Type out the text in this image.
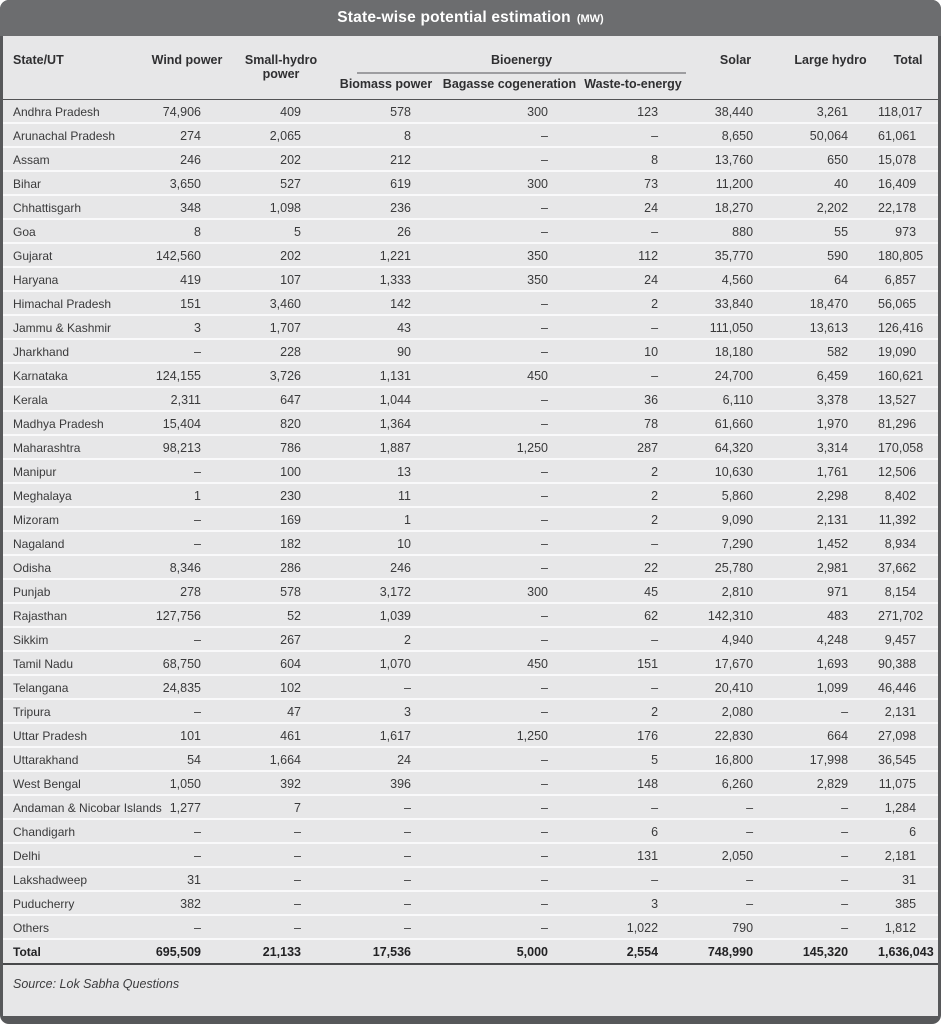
State-wise potential estimation (MW)
State/UT	Wind power	Small-hydro power	Bioenergy			Solar	Large hydro	Total
			Biomass power	Bagasse cogeneration	Waste-to-energy			
Andhra Pradesh	74,906	409	578	300	123	38,440	3,261	118,017
Arunachal Pradesh	274	2,065	8	–	–	8,650	50,064	61,061
Assam	246	202	212	–	8	13,760	650	15,078
Bihar	3,650	527	619	300	73	11,200	40	16,409
Chhattisgarh	348	1,098	236	–	24	18,270	2,202	22,178
Goa	8	5	26	–	–	880	55	973
Gujarat	142,560	202	1,221	350	112	35,770	590	180,805
Haryana	419	107	1,333	350	24	4,560	64	6,857
Himachal Pradesh	151	3,460	142	–	2	33,840	18,470	56,065
Jammu & Kashmir	3	1,707	43	–	–	111,050	13,613	126,416
Jharkhand	–	228	90	–	10	18,180	582	19,090
Karnataka	124,155	3,726	1,131	450	–	24,700	6,459	160,621
Kerala	2,311	647	1,044	–	36	6,110	3,378	13,527
Madhya Pradesh	15,404	820	1,364	–	78	61,660	1,970	81,296
Maharashtra	98,213	786	1,887	1,250	287	64,320	3,314	170,058
Manipur	–	100	13	–	2	10,630	1,761	12,506
Meghalaya	1	230	11	–	2	5,860	2,298	8,402
Mizoram	–	169	1	–	2	9,090	2,131	11,392
Nagaland	–	182	10	–	–	7,290	1,452	8,934
Odisha	8,346	286	246	–	22	25,780	2,981	37,662
Punjab	278	578	3,172	300	45	2,810	971	8,154
Rajasthan	127,756	52	1,039	–	62	142,310	483	271,702
Sikkim	–	267	2	–	–	4,940	4,248	9,457
Tamil Nadu	68,750	604	1,070	450	151	17,670	1,693	90,388
Telangana	24,835	102	–	–	–	20,410	1,099	46,446
Tripura	–	47	3	–	2	2,080	–	2,131
Uttar Pradesh	101	461	1,617	1,250	176	22,830	664	27,098
Uttarakhand	54	1,664	24	–	5	16,800	17,998	36,545
West Bengal	1,050	392	396	–	148	6,260	2,829	11,075
Andaman & Nicobar Islands	1,277	7	–	–	–	–	–	1,284
Chandigarh	–	–	–	–	6	–	–	6
Delhi	–	–	–	–	131	2,050	–	2,181
Lakshadweep	31	–	–	–	–	–	–	31
Puducherry	382	–	–	–	3	–	–	385
Others	–	–	–	–	1,022	790	–	1,812
Total	695,509	21,133	17,536	5,000	2,554	748,990	145,320	1,636,043
Source: Lok Sabha Questions
